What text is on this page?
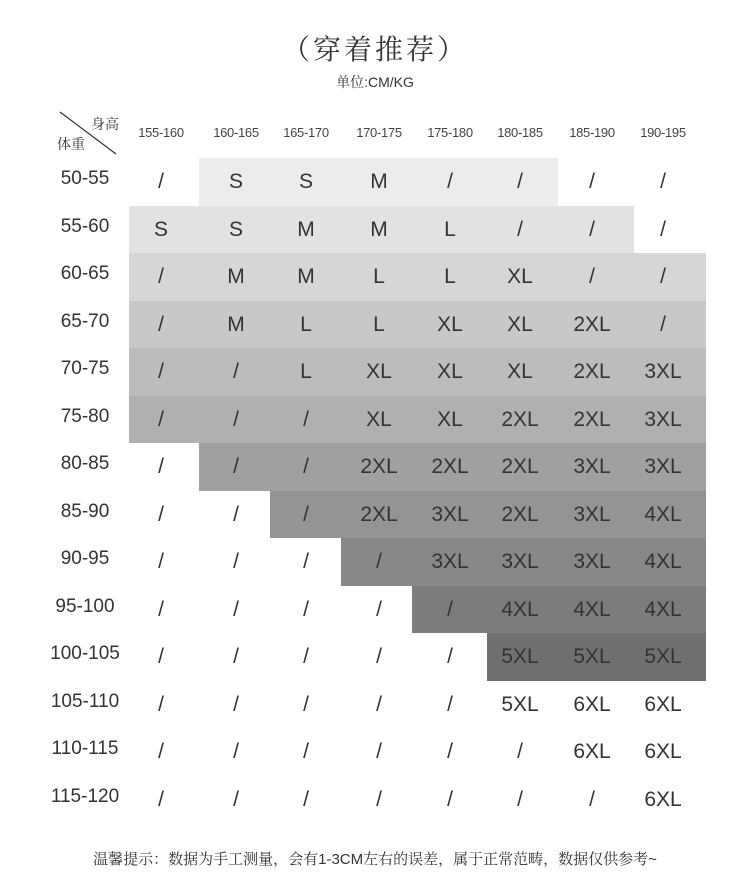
（穿着推荐）
单位:CM/KG
身高
体重
155-160	160-165	165-170	170-175	175-180	180-185	185-190	190-195
50-55	/	S	S	M	/	/	/	/
55-60	S	S	M	M	L	/	/	/
60-65	/	M	M	L	L	XL	/	/
65-70	/	M	L	L	XL	XL	2XL	/
70-75	/	/	L	XL	XL	XL	2XL	3XL
75-80	/	/	/	XL	XL	2XL	2XL	3XL
80-85	/	/	/	2XL	2XL	2XL	3XL	3XL
85-90	/	/	/	2XL	3XL	2XL	3XL	4XL
90-95	/	/	/	/	3XL	3XL	3XL	4XL
95-100	/	/	/	/	/	4XL	4XL	4XL
100-105	/	/	/	/	/	5XL	5XL	5XL
105-110	/	/	/	/	/	5XL	6XL	6XL
110-115	/	/	/	/	/	/	6XL	6XL
115-120	/	/	/	/	/	/	/	6XL
温馨提示：数据为手工测量，会有1-3CM左右的误差，属于正常范畴，数据仅供参考~
